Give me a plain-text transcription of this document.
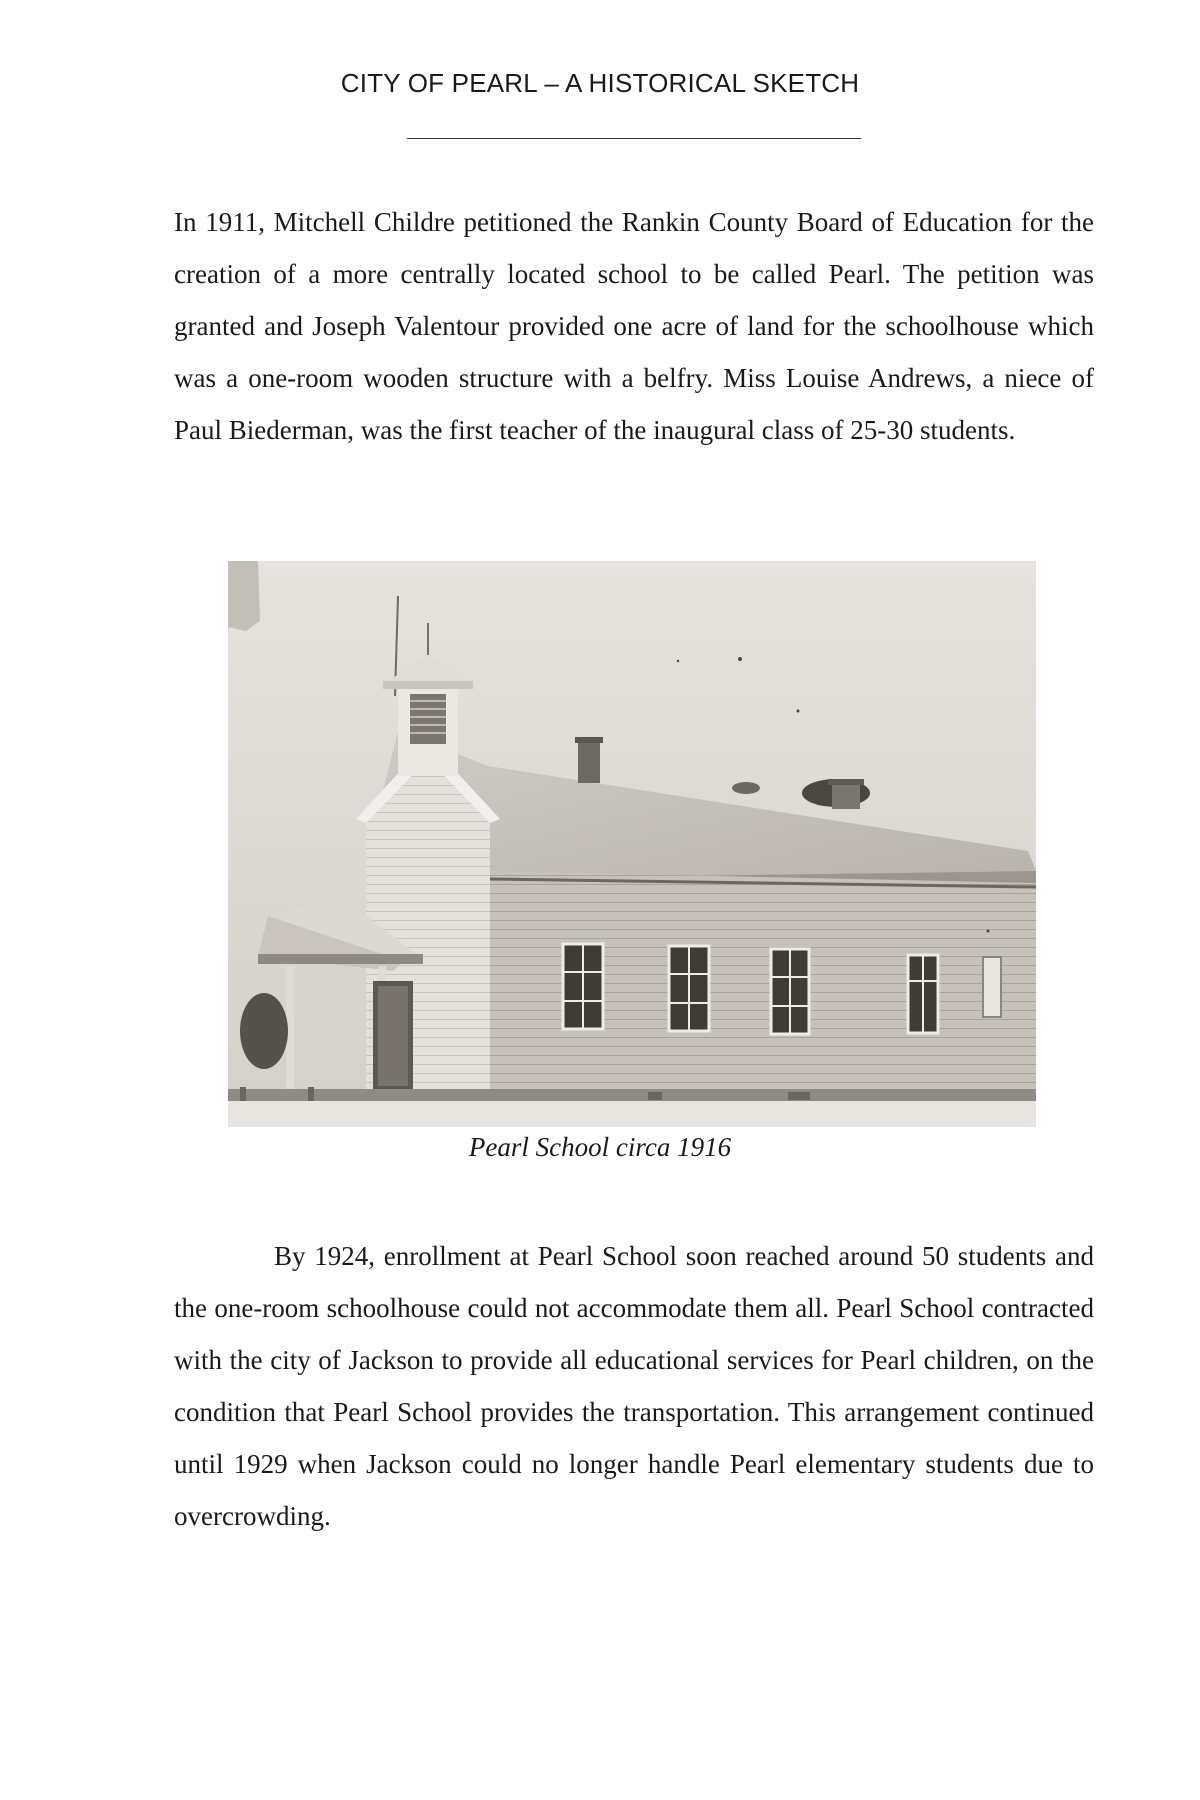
CITY OF PEARL – A HISTORICAL SKETCH

In 1911, Mitchell Childre petitioned the Rankin County Board of Education for the creation of a more centrally located school to be called Pearl. The petition was granted and Joseph Valentour provided one acre of land for the schoolhouse which was a one-room wooden structure with a belfry. Miss Louise Andrews, a niece of Paul Biederman, was the first teacher of the inaugural class of 25-30 students.

Pearl School circa 1916

By 1924, enrollment at Pearl School soon reached around 50 students and the one-room schoolhouse could not accommodate them all. Pearl School contracted with the city of Jackson to provide all educational services for Pearl children, on the condition that Pearl School provides the transportation. This arrangement continued until 1929 when Jackson could no longer handle Pearl elementary students due to overcrowding.
